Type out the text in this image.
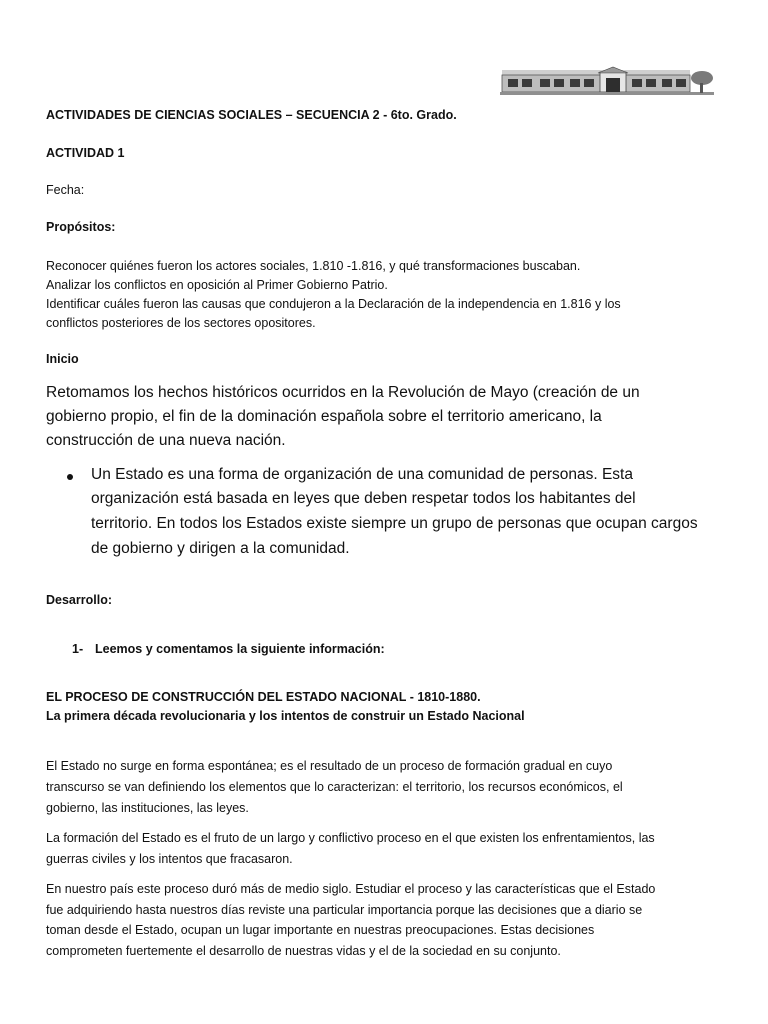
ACTIVIDADES DE CIENCIAS SOCIALES – SECUENCIA 2 - 6to. Grado.

ACTIVIDAD 1

Fecha:

Propósitos:

Reconocer quiénes fueron los actores sociales, 1.810 -1.816, y qué transformaciones buscaban.

Analizar los conflictos en oposición al Primer Gobierno Patrio.

Identificar cuáles fueron las causas que condujeron a la Declaración de la independencia en 1.816 y los

conflictos posteriores de los sectores opositores.

Inicio

Retomamos los hechos históricos ocurridos en la Revolución de Mayo (creación de un

gobierno propio, el fin de la dominación española sobre el territorio americano, la

construcción de una nueva nación.

Un Estado es una forma de organización de una comunidad de personas. Esta

organización está basada en leyes que deben respetar todos los habitantes del

territorio. En todos los Estados existe siempre un grupo de personas que ocupan cargos

de gobierno y dirigen a la comunidad.

Desarrollo:

1- Leemos y comentamos la siguiente información:

EL PROCESO DE CONSTRUCCIÓN DEL ESTADO NACIONAL - 1810-1880.

La primera década revolucionaria y los intentos de construir un Estado Nacional

El Estado no surge en forma espontánea; es el resultado de un proceso de formación gradual en cuyo

transcurso se van definiendo los elementos que lo caracterizan: el territorio, los recursos económicos, el

gobierno, las instituciones, las leyes.

La formación del Estado es el fruto de un largo y conflictivo proceso en el que existen los enfrentamientos, las

guerras civiles y los intentos que fracasaron.

En nuestro país este proceso duró más de medio siglo. Estudiar el proceso y las características que el Estado

fue adquiriendo hasta nuestros días reviste una particular importancia porque las decisiones que a diario se

toman desde el Estado, ocupan un lugar importante en nuestras preocupaciones. Estas decisiones

comprometen fuertemente el desarrollo de nuestras vidas y el de la sociedad en su conjunto.
